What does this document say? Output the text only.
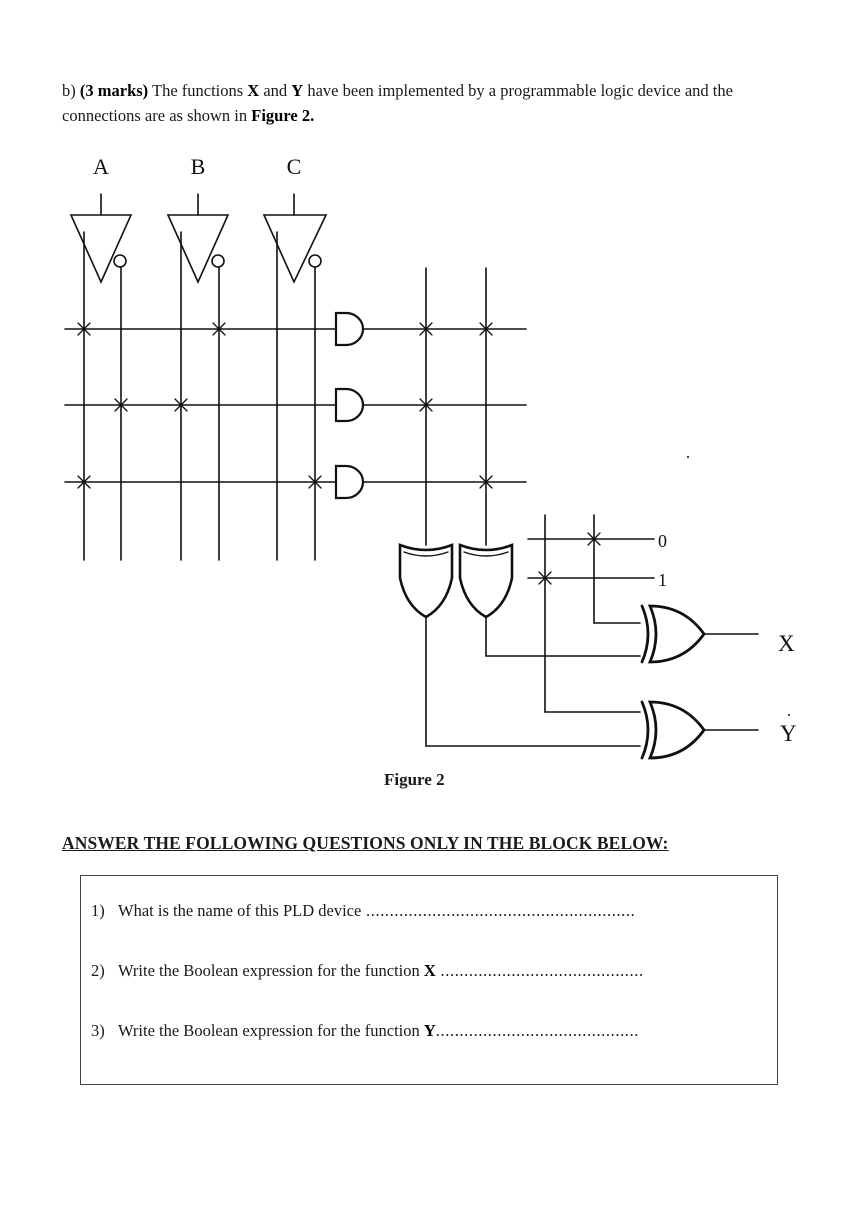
b) (3 marks) The functions X and Y have been implemented by a programmable logic device and the connections are as shown in Figure 2.
A	B	C
0
1
X
Y
Figure 2
ANSWER THE FOLLOWING QUESTIONS ONLY IN THE BLOCK BELOW:
1) What is the name of this PLD device .........................................................
2) Write the Boolean expression for the function X ...........................................
3) Write the Boolean expression for the function Y...........................................
